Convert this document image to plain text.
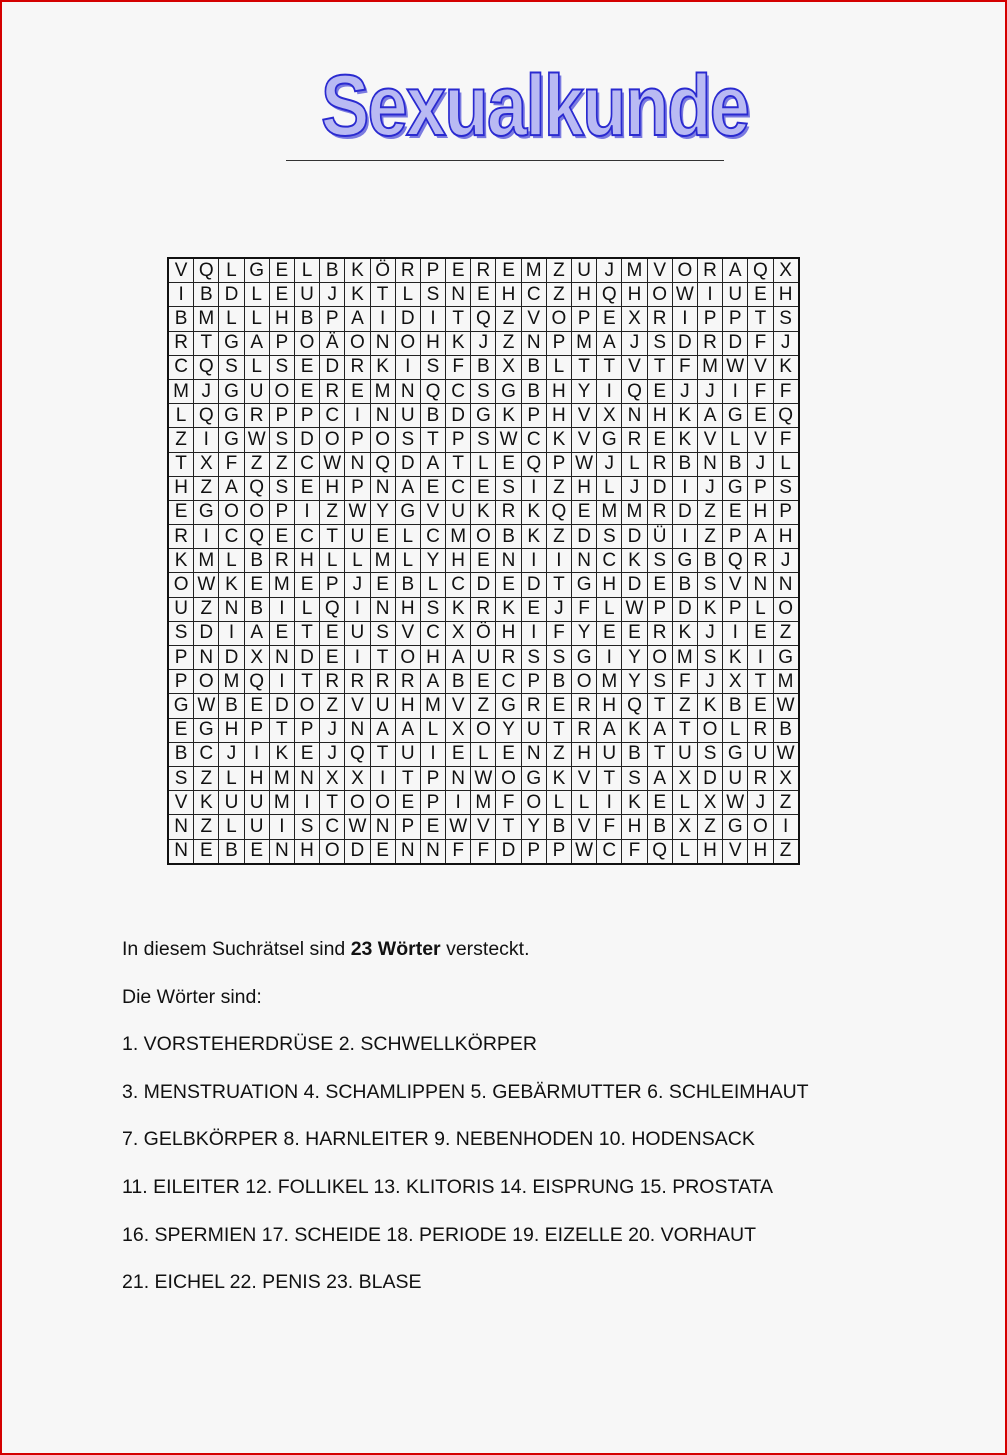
Sexualkunde
V	Q	L	G	E	L	B	K	Ö	R	P	E	R	E	M	Z	U	J	M	V	O	R	A	Q	X
I	B	D	L	E	U	J	K	T	L	S	N	E	H	C	Z	H	Q	H	O	W	I	U	E	H
B	M	L	L	H	B	P	A	I	D	I	T	Q	Z	V	O	P	E	X	R	I	P	P	T	S
R	T	G	A	P	O	Ä	O	N	O	H	K	J	Z	N	P	M	A	J	S	D	R	D	F	J
C	Q	S	L	S	E	D	R	K	I	S	F	B	X	B	L	T	T	V	T	F	M	W	V	K
M	J	G	U	O	E	R	E	M	N	Q	C	S	G	B	H	Y	I	Q	E	J	J	I	F	F
L	Q	G	R	P	P	C	I	N	U	B	D	G	K	P	H	V	X	N	H	K	A	G	E	Q
Z	I	G	W	S	D	O	P	O	S	T	P	S	W	C	K	V	G	R	E	K	V	L	V	F
T	X	F	Z	Z	C	W	N	Q	D	A	T	L	E	Q	P	W	J	L	R	B	N	B	J	L
H	Z	A	Q	S	E	H	P	N	A	E	C	E	S	I	Z	H	L	J	D	I	J	G	P	S
E	G	O	O	P	I	Z	W	Y	G	V	U	K	R	K	Q	E	M	M	R	D	Z	E	H	P
R	I	C	Q	E	C	T	U	E	L	C	M	O	B	K	Z	D	S	D	Ü	I	Z	P	A	H
K	M	L	B	R	H	L	L	M	L	Y	H	E	N	I	I	N	C	K	S	G	B	Q	R	J
O	W	K	E	M	E	P	J	E	B	L	C	D	E	D	T	G	H	D	E	B	S	V	N	N
U	Z	N	B	I	L	Q	I	N	H	S	K	R	K	E	J	F	L	W	P	D	K	P	L	O
S	D	I	A	E	T	E	U	S	V	C	X	Ö	H	I	F	Y	E	E	R	K	J	I	E	Z
P	N	D	X	N	D	E	I	T	O	H	A	U	R	S	S	G	I	Y	O	M	S	K	I	G
P	O	M	Q	I	T	R	R	R	R	A	B	E	C	P	B	O	M	Y	S	F	J	X	T	M
G	W	B	E	D	O	Z	V	U	H	M	V	Z	G	R	E	R	H	Q	T	Z	K	B	E	W
E	G	H	P	T	P	J	N	A	A	L	X	O	Y	U	T	R	A	K	A	T	O	L	R	B
B	C	J	I	K	E	J	Q	T	U	I	E	L	E	N	Z	H	U	B	T	U	S	G	U	W
S	Z	L	H	M	N	X	X	I	T	P	N	W	O	G	K	V	T	S	A	X	D	U	R	X
V	K	U	U	M	I	T	O	O	E	P	I	M	F	O	L	L	I	K	E	L	X	W	J	Z
N	Z	L	U	I	S	C	W	N	P	E	W	V	T	Y	B	V	F	H	B	X	Z	G	O	I
N	E	B	E	N	H	O	D	E	N	N	F	F	D	P	P	W	C	F	Q	L	H	V	H	Z

In diesem Suchrätsel sind 23 Wörter versteckt.

Die Wörter sind:

1. VORSTEHERDRÜSE 2. SCHWELLKÖRPER

3. MENSTRUATION 4. SCHAMLIPPEN 5. GEBÄRMUTTER 6. SCHLEIMHAUT

7. GELBKÖRPER 8. HARNLEITER 9. NEBENHODEN 10. HODENSACK

11. EILEITER 12. FOLLIKEL 13. KLITORIS 14. EISPRUNG 15. PROSTATA

16. SPERMIEN 17. SCHEIDE 18. PERIODE 19. EIZELLE 20. VORHAUT

21. EICHEL 22. PENIS 23. BLASE
